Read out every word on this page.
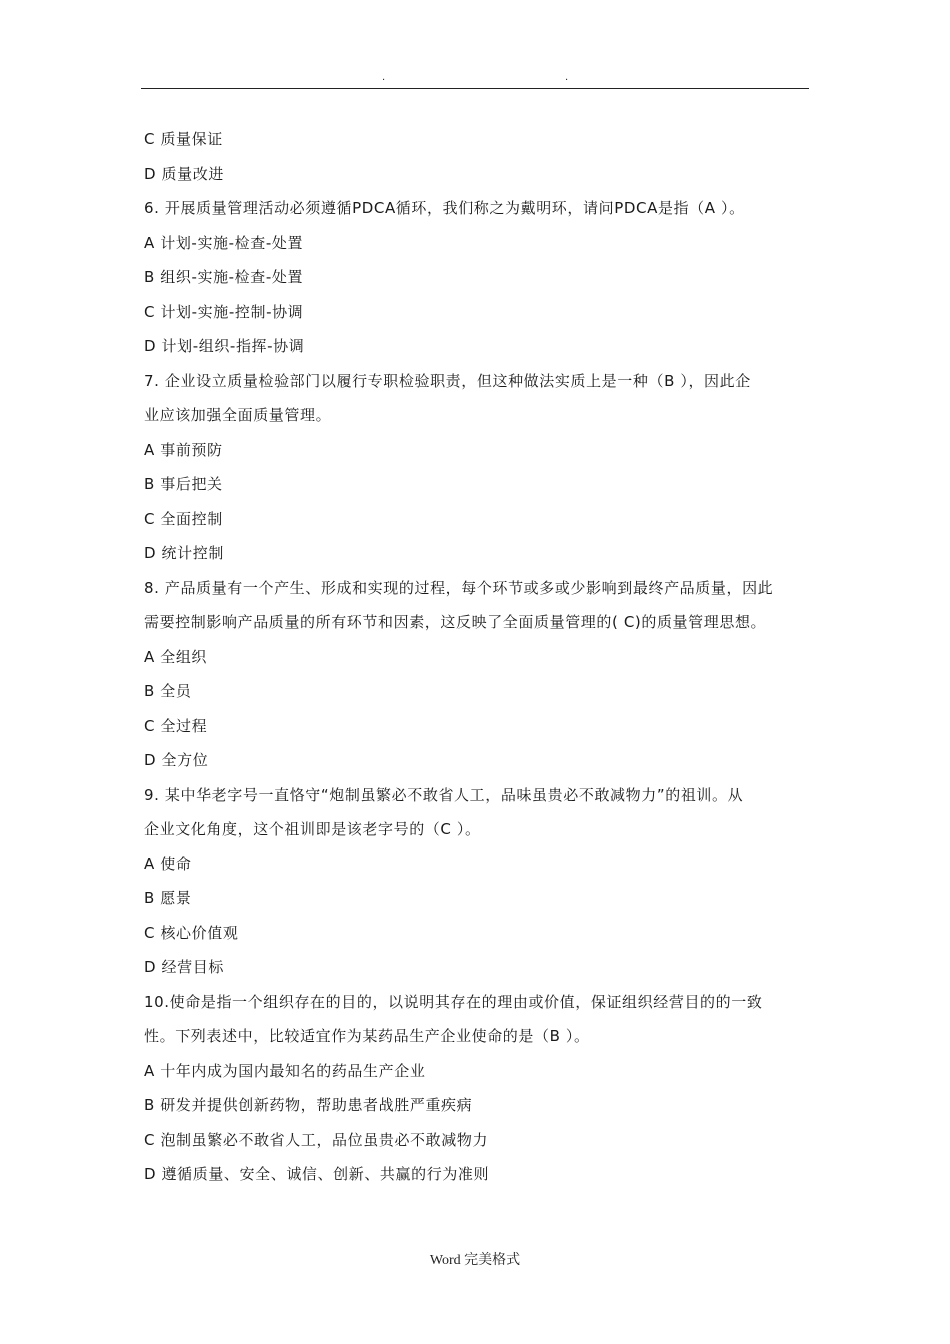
.	.
C 质量保证
D 质量改进
6. 开展质量管理活动必须遵循PDCA循环，我们称之为戴明环，请问PDCA是指（A ）。
A 计划-实施-检查-处置
B 组织-实施-检查-处置
C 计划-实施-控制-协调
D 计划-组织-指挥-协调
7. 企业设立质量检验部门以履行专职检验职责，但这种做法实质上是一种（B ），因此企
业应该加强全面质量管理。
A 事前预防
B 事后把关
C 全面控制
D 统计控制
8. 产品质量有一个产生、形成和实现的过程，每个环节或多或少影响到最终产品质量，因此
需要控制影响产品质量的所有环节和因素，这反映了全面质量管理的( C)的质量管理思想。
A 全组织
B 全员
C 全过程
D 全方位
9. 某中华老字号一直恪守“炮制虽繁必不敢省人工，品味虽贵必不敢减物力”的祖训。从
企业文化角度，这个祖训即是该老字号的（C ）。
A 使命
B 愿景
C 核心价值观
D 经营目标
10.使命是指一个组织存在的目的，以说明其存在的理由或价值，保证组织经营目的的一致
性。下列表述中，比较适宜作为某药品生产企业使命的是（B ）。
A 十年内成为国内最知名的药品生产企业
B 研发并提供创新药物，帮助患者战胜严重疾病
C 泡制虽繁必不敢省人工，品位虽贵必不敢减物力
D 遵循质量、安全、诚信、创新、共赢的行为准则
Word 完美格式
